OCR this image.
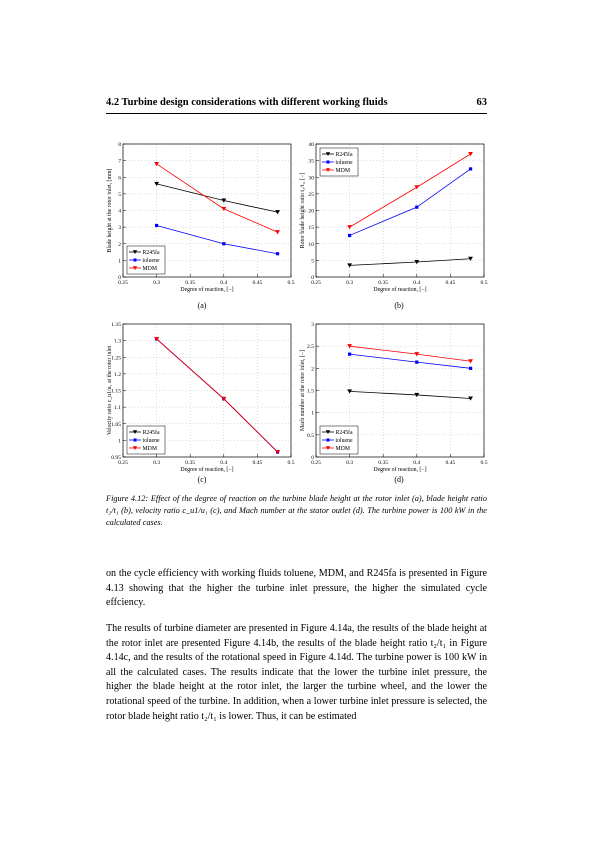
4.2 Turbine design considerations with different working fluids	63
0.25	0.3	0.35	0.4	0.45	0.5
0
1
2
3
4
5
6
7
8
Degree of reaction, [−]
Blade height at the rotor inlet, [mm]
R245fa
toluene
MDM
0.25	0.3	0.35	0.4	0.45	0.5
0
5
10
15
20
25
30
35
40
Degree of reaction, [−]
Rotor blade height ratio t₂/t₁, [−]
R245fa
toluene
MDM
0.25	0.3	0.35	0.4	0.45	0.5
0.95
1
1.05
1.1
1.15
1.2
1.25
1.3
1.35
Degree of reaction, [−]
Velocity ratio c_u1/u₁ at the rotor inlet	R245fa
toluene
MDM
0.25	0.3	0.35	0.4	0.45	0.5
0
0.5
1
1.5
2
2.5
3
Degree of reaction, [−]
Mach number at the rotor inlet, [−]
R245fa
toluene
MDM
(a)	(b)
(c)	(d)
Figure 4.12: Effect of the degree of reaction on the turbine blade height at the rotor inlet (a), blade height ratio t₂/t₁ (b), velocity ratio c_u1/u₁ (c), and Mach number at the stator outlet (d). The turbine power is 100 kW in the calculated cases.
on the cycle efficiency with working fluids toluene, MDM, and R245fa is presented in Figure 4.13 showing that the higher the turbine inlet pressure, the higher the simulated cycle effciency.
The results of turbine diameter are presented in Figure 4.14a, the results of the blade height at the rotor inlet are presented Figure 4.14b, the results of the blade height ratio t₂/t₁ in Figure 4.14c, and the results of the rotational speed in Figure 4.14d. The turbine power is 100 kW in all the calculated cases. The results indicate that the lower the turbine inlet pressure, the higher the blade height at the rotor inlet, the larger the turbine wheel, and the lower the rotational speed of the turbine. In addition, when a lower turbine inlet pressure is selected, the rotor blade height ratio t₂/t₁ is lower. Thus, it can be estimated
